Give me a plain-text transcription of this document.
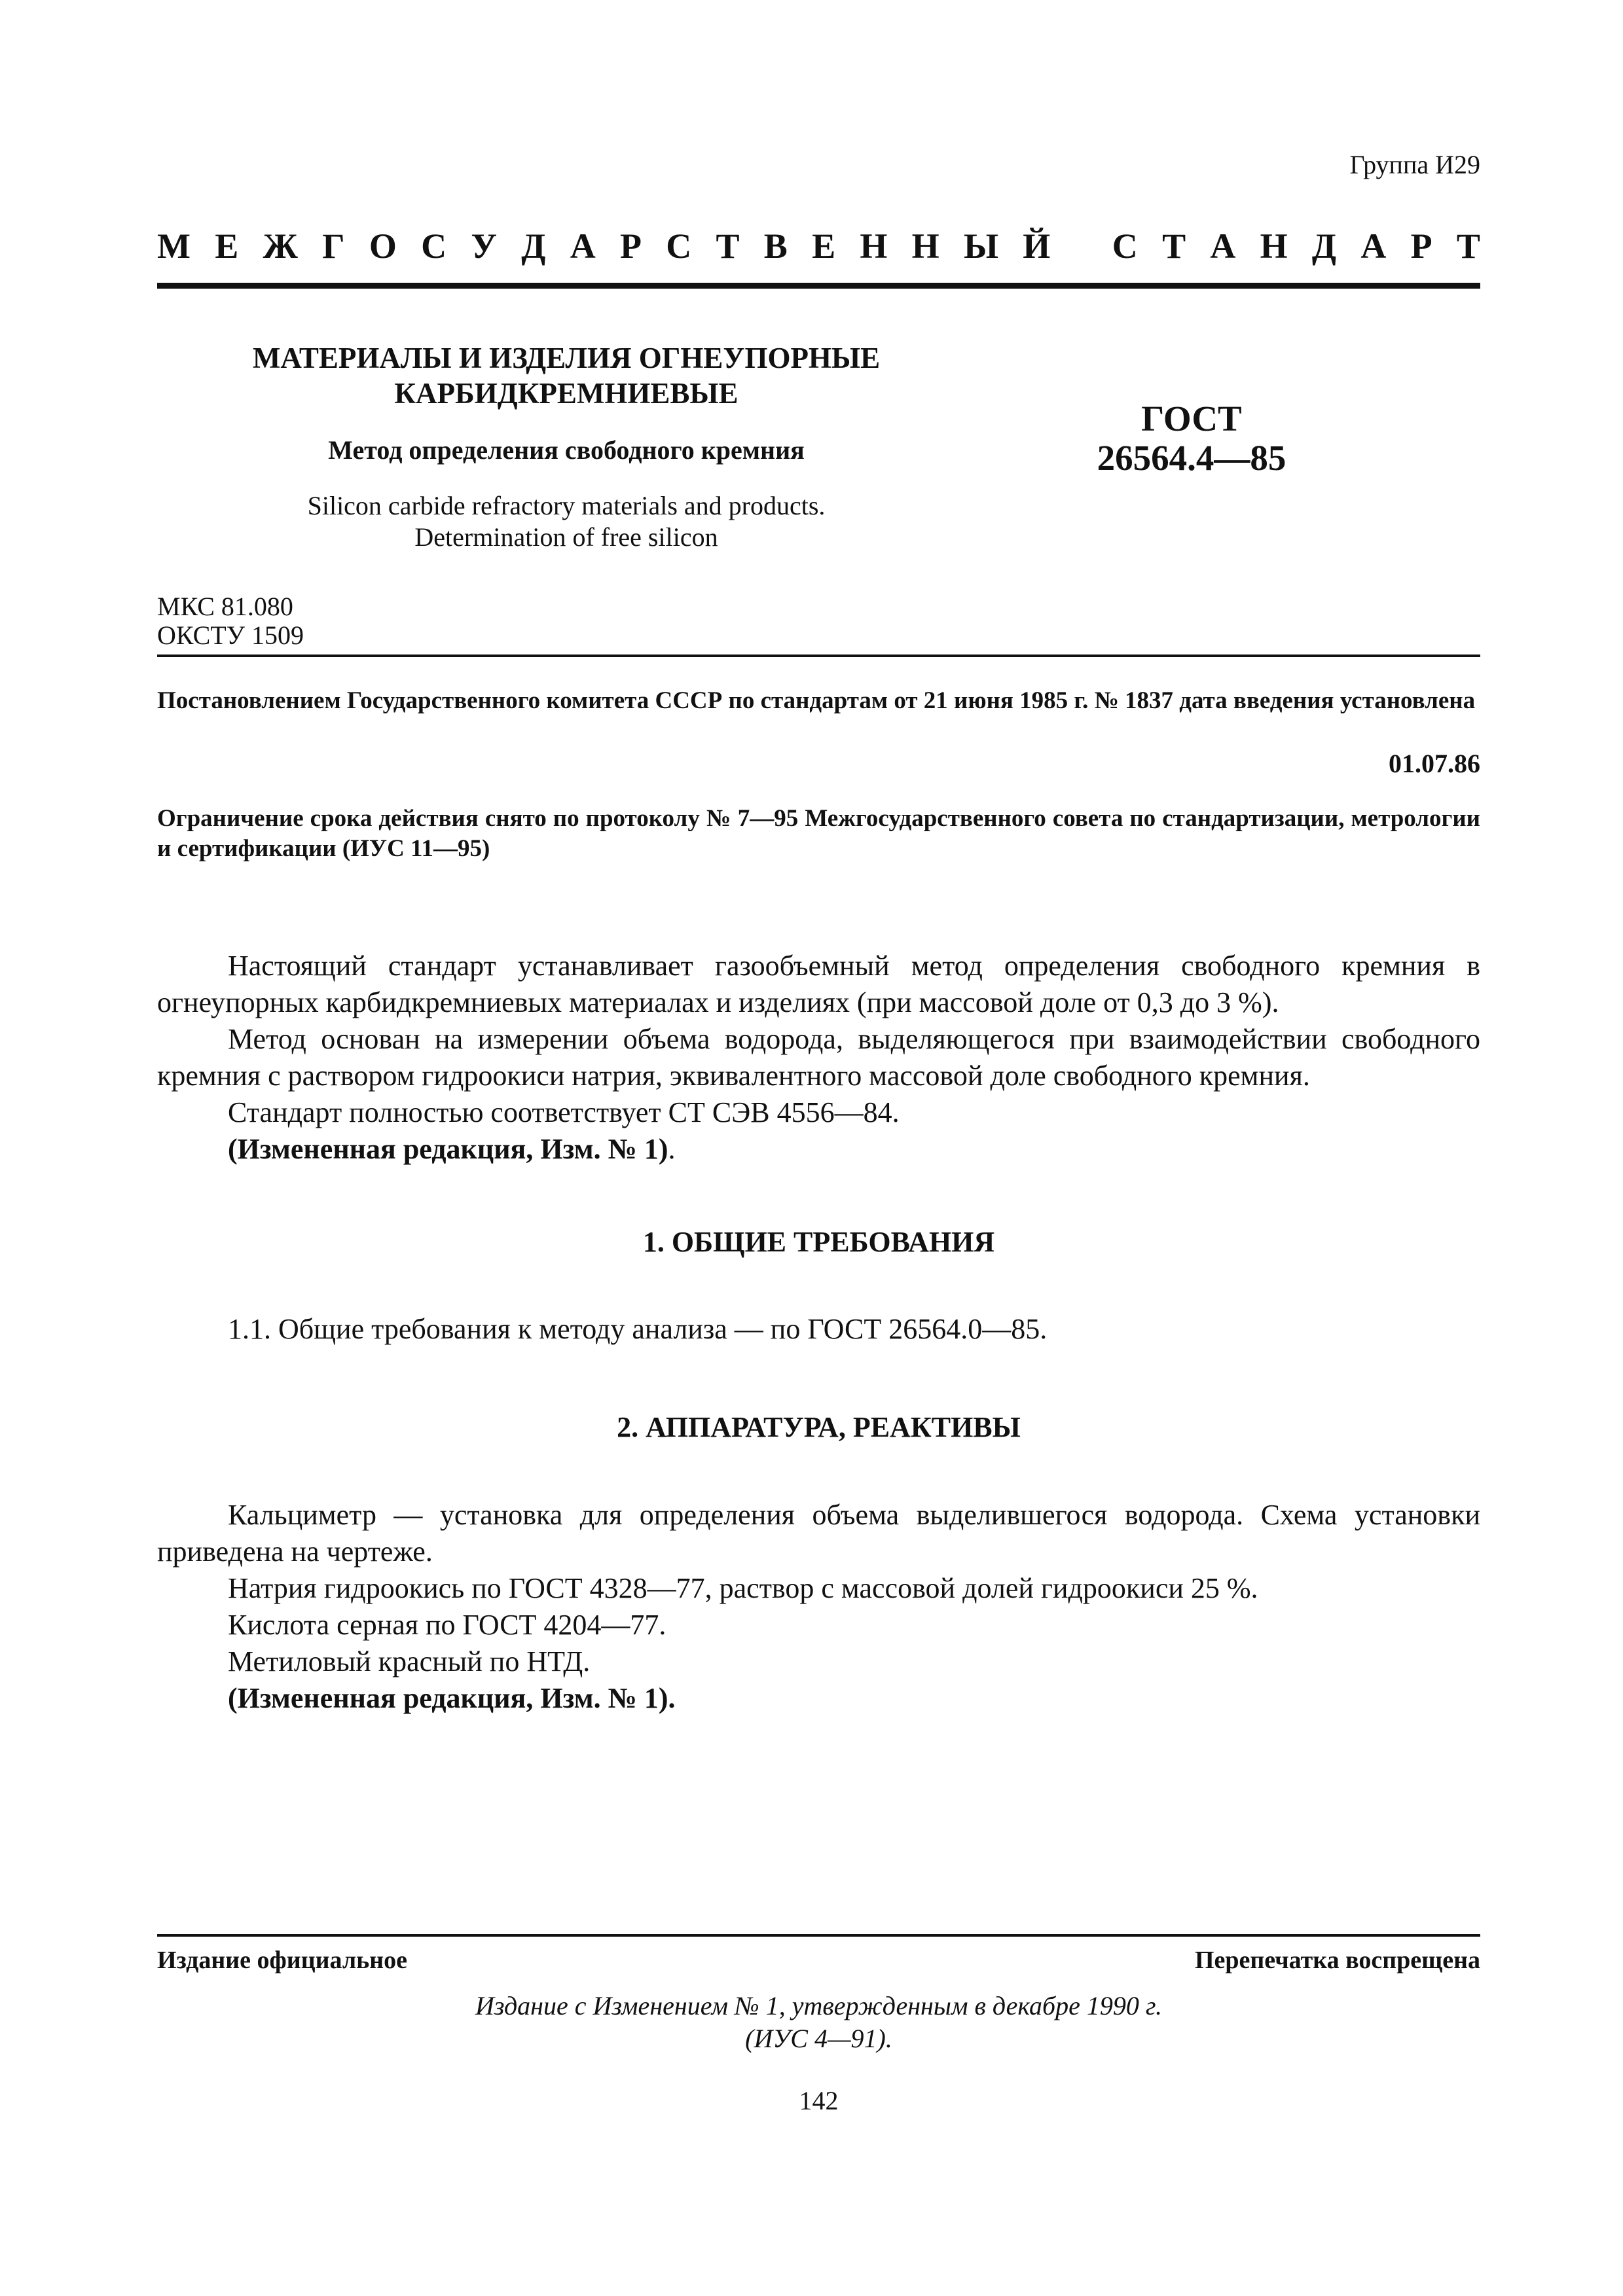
Группа И29
М Е Ж Г О С У Д А Р С Т В Е Н Н Ы Й С Т А Н Д А Р Т
МАТЕРИАЛЫ И ИЗДЕЛИЯ ОГНЕУПОРНЫЕ
КАРБИДКРЕМНИЕВЫЕ
Метод определения свободного кремния
Silicon carbide refractory materials and products.
Determination of free silicon
ГОСТ
26564.4—85
МКС 81.080
ОКСТУ 1509
Постановлением Государственного комитета СССР по стандартам от 21 июня 1985 г. № 1837 дата введения установлена
01.07.86
Ограничение срока действия снято по протоколу № 7—95 Межгосударственного совета по стандартизации, метрологии и сертификации (ИУС 11—95)

Настоящий стандарт устанавливает газообъемный метод определения свободного кремния в огнеупорных карбидкремниевых материалах и изделиях (при массовой доле от 0,3 до 3 %).

Метод основан на измерении объема водорода, выделяющегося при взаимодействии свободного кремния с раствором гидроокиси натрия, эквивалентного массовой доле свободного кремния.

Стандарт полностью соответствует СТ СЭВ 4556—84.

(Измененная редакция, Изм. № 1).

1. ОБЩИЕ ТРЕБОВАНИЯ

1.1. Общие требования к методу анализа — по ГОСТ 26564.0—85.

2. АППАРАТУРА, РЕАКТИВЫ

Кальциметр — установка для определения объема выделившегося водорода. Схема установки приведена на чертеже.

Натрия гидроокись по ГОСТ 4328—77, раствор с массовой долей гидроокиси 25 %.

Кислота серная по ГОСТ 4204—77.

Метиловый красный по НТД.

(Измененная редакция, Изм. № 1).

Издание официальное	Перепечатка воспрещена
Издание с Изменением № 1, утвержденным в декабре 1990 г.
(ИУС 4—91).
142
